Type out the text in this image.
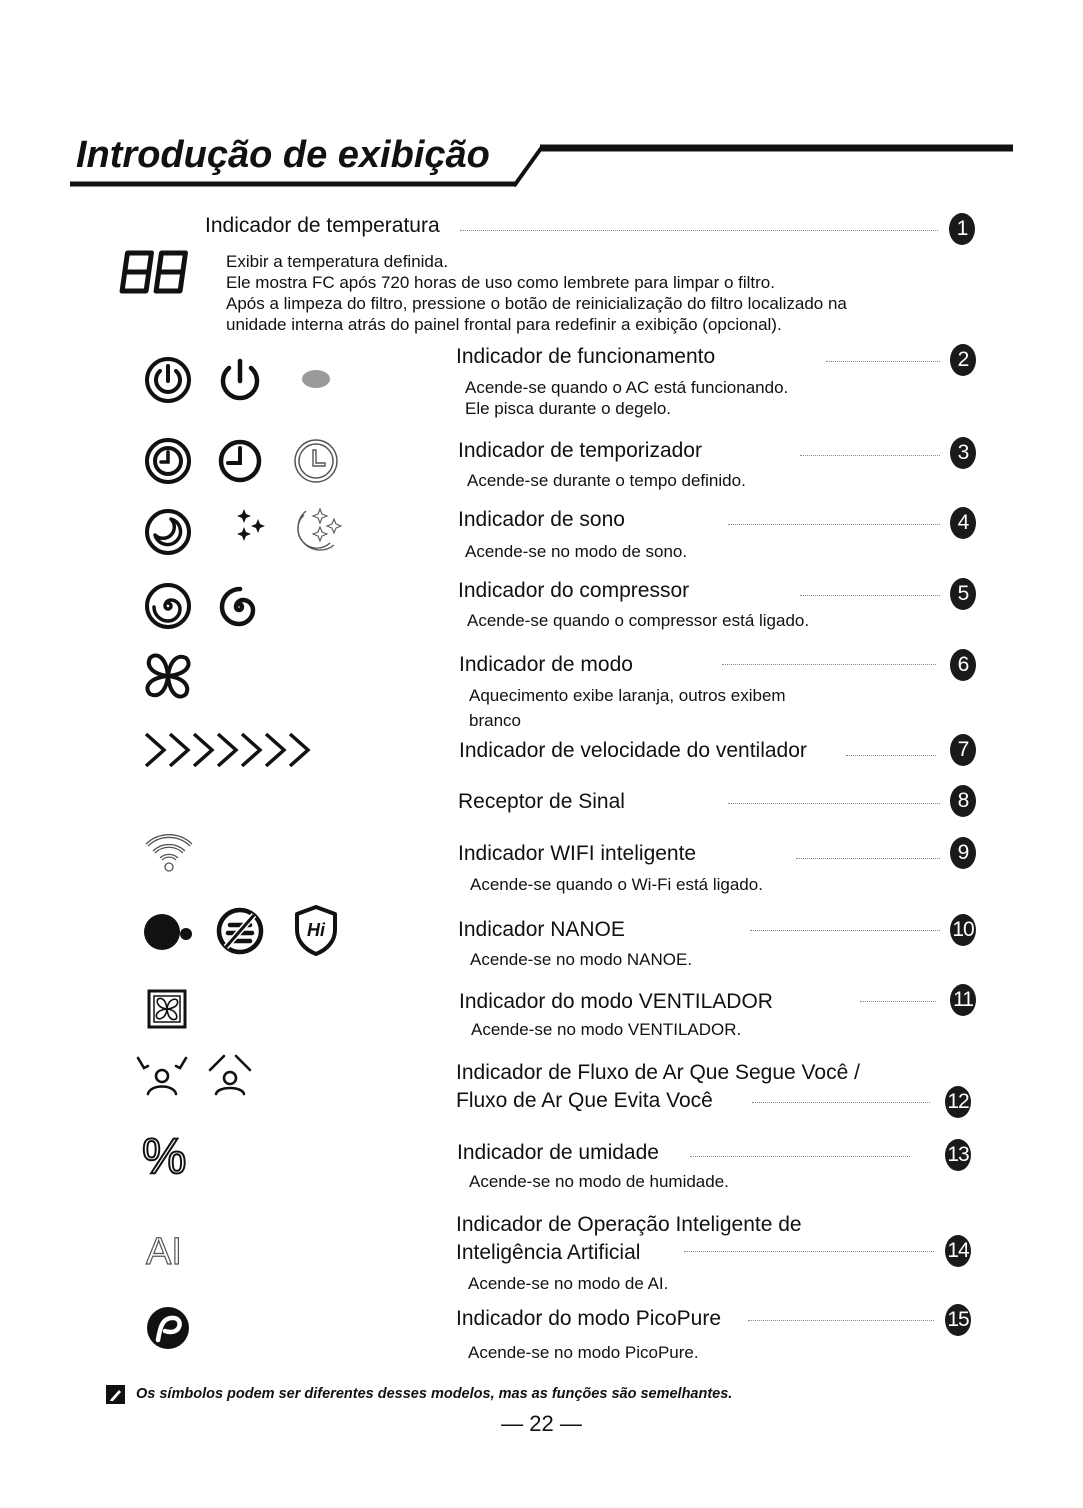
Introdução de exibição
Indicador de temperatura	1
Exibir a temperatura definida.
Ele mostra FC após 720 horas de uso como lembrete para limpar o filtro.
Após a limpeza do filtro, pressione o botão de reinicialização do filtro localizado na
unidade interna atrás do painel frontal para redefinir a exibição (opcional).
Indicador de funcionamento	2
Acende-se quando o AC está funcionando.
Ele pisca durante o degelo.
Indicador de temporizador	3
Acende-se durante o tempo definido.
Indicador de sono	4
Acende-se no modo de sono.
Indicador do compressor	5
Acende-se quando o compressor está ligado.
Indicador de modo	6
Aquecimento exibe laranja, outros exibem
branco
Indicador de velocidade do ventilador	7
Receptor de Sinal	8
Indicador WIFI inteligente	9
Acende-se quando o Wi-Fi está ligado.
Indicador NANOE	10
Acende-se no modo NANOE.
Hi
Indicador do modo VENTILADOR	11
Acende-se no modo VENTILADOR.
Indicador de Fluxo de Ar Que Segue Você /
Fluxo de Ar Que Evita Você	12
Indicador de umidade	13
Acende-se no modo de humidade.
%
Indicador de Operação Inteligente de
Inteligência Artificial	14
Acende-se no modo de AI.
AI
Indicador do modo PicoPure	15
Acende-se no modo PicoPure.
Os símbolos podem ser diferentes desses modelos, mas as funções são semelhantes.
— 22 —
